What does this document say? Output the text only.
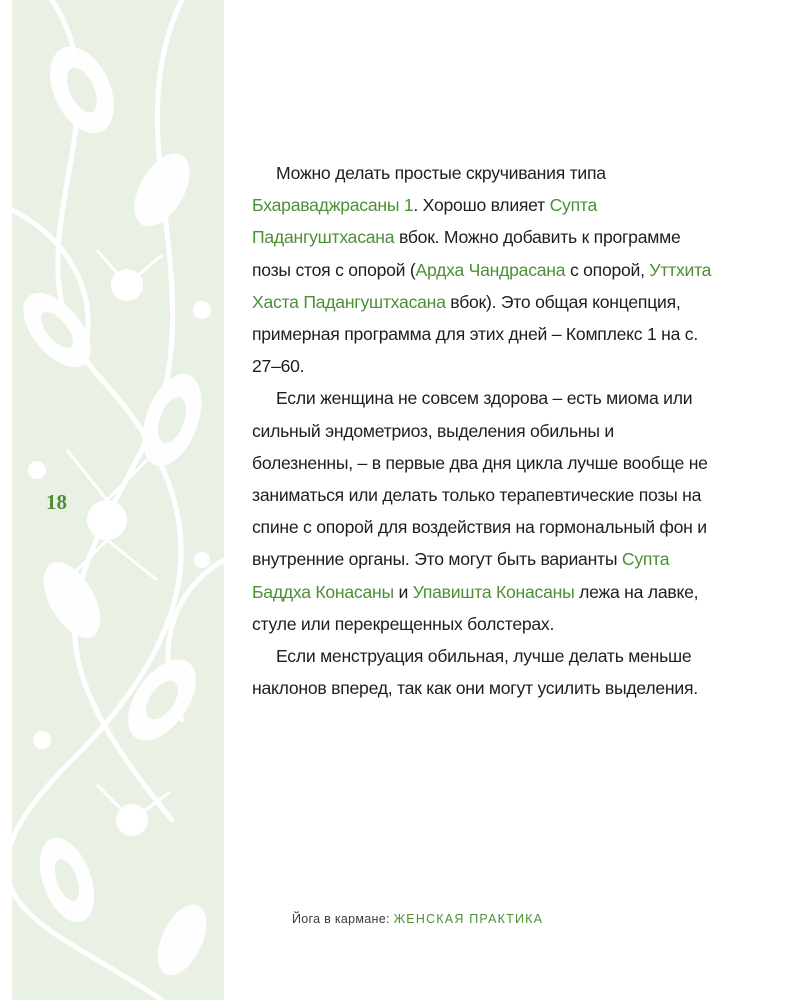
18

Можно делать простые скручивания типа Бхараваджрасаны 1. Хорошо влияет Супта Падангуштхасана вбок. Можно добавить к программе позы стоя с опорой (Ардха Чандрасана с опорой, Уттхита Хаста Падангуштхасана вбок). Это общая концепция, примерная программа для этих дней – Комплекс 1 на с. 27–60.

Если женщина не совсем здорова – есть миома или сильный эндометриоз, выделения обильны и болезненны, – в первые два дня цикла лучше вообще не заниматься или делать только терапевтические позы на спине с опорой для воздействия на гормональный фон и внутренние органы. Это могут быть варианты Супта Баддха Конасаны и Упавишта Конасаны лежа на лавке, стуле или перекрещенных болстерах.

Если менструация обильная, лучше делать меньше наклонов вперед, так как они могут усилить выделения.

Йога в кармане: ЖЕНСКАЯ ПРАКТИКА
